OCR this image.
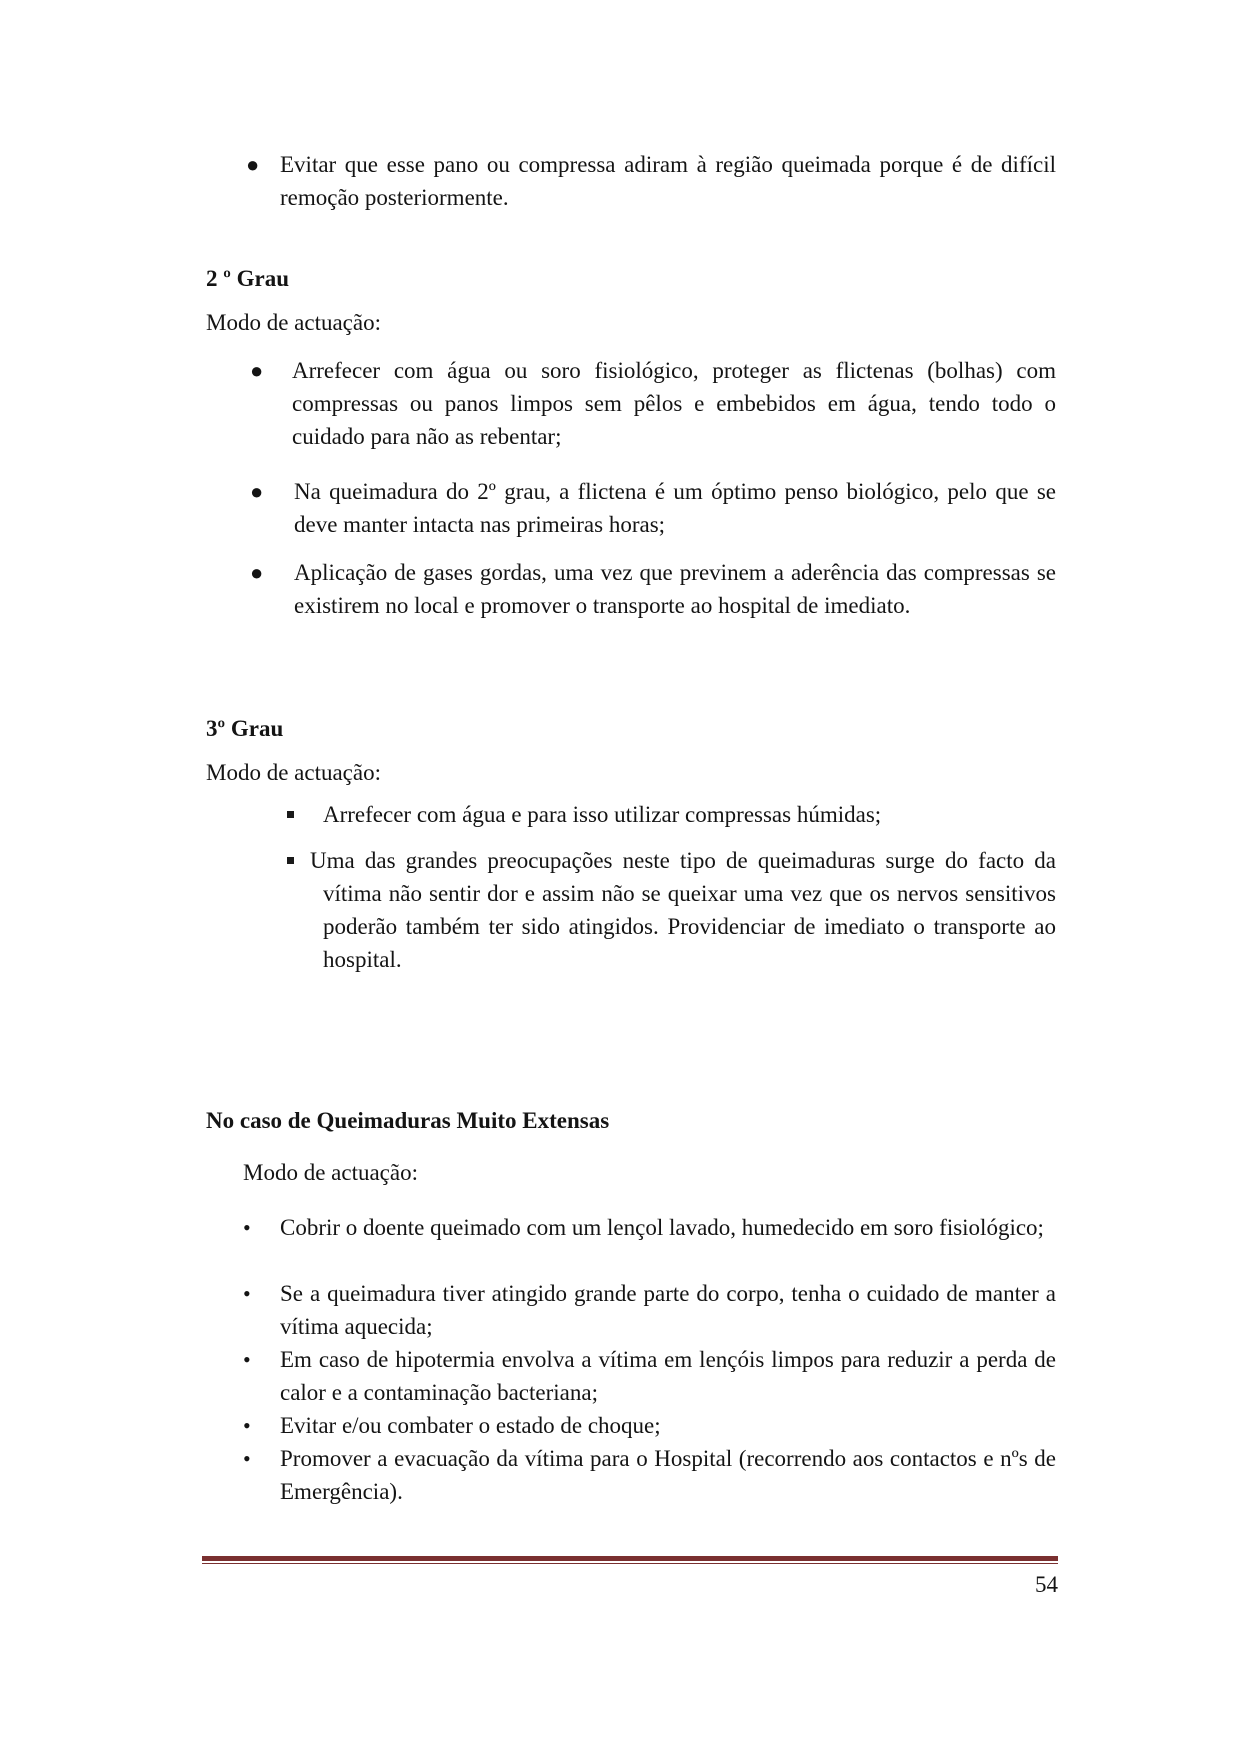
● Evitar que esse pano ou compressa adiram à região queimada porque é de difícil remoção posteriormente.
2 º Grau
Modo de actuação:
● Arrefecer com água ou soro fisiológico, proteger as flictenas (bolhas) com compressas ou panos limpos sem pêlos e embebidos em água, tendo todo o cuidado para não as rebentar;
● Na queimadura do 2º grau, a flictena é um óptimo penso biológico, pelo que se deve manter intacta nas primeiras horas;
● Aplicação de gases gordas, uma vez que previnem a aderência das compressas se existirem no local e promover o transporte ao hospital de imediato.
3º Grau
Modo de actuação:
Arrefecer com água e para isso utilizar compressas húmidas;
Uma das grandes preocupações neste tipo de queimaduras surge do facto da vítima não sentir dor e assim não se queixar uma vez que os nervos sensitivos poderão também ter sido atingidos. Providenciar de imediato o transporte ao hospital.
No caso de Queimaduras Muito Extensas
Modo de actuação:
• Cobrir o doente queimado com um lençol lavado, humedecido em soro fisiológico;
• Se a queimadura tiver atingido grande parte do corpo, tenha o cuidado de manter a vítima aquecida;
• Em caso de hipotermia envolva a vítima em lençóis limpos para reduzir a perda de calor e a contaminação bacteriana;
• Evitar e/ou combater o estado de choque;
• Promover a evacuação da vítima para o Hospital (recorrendo aos contactos e nºs de Emergência).
54
